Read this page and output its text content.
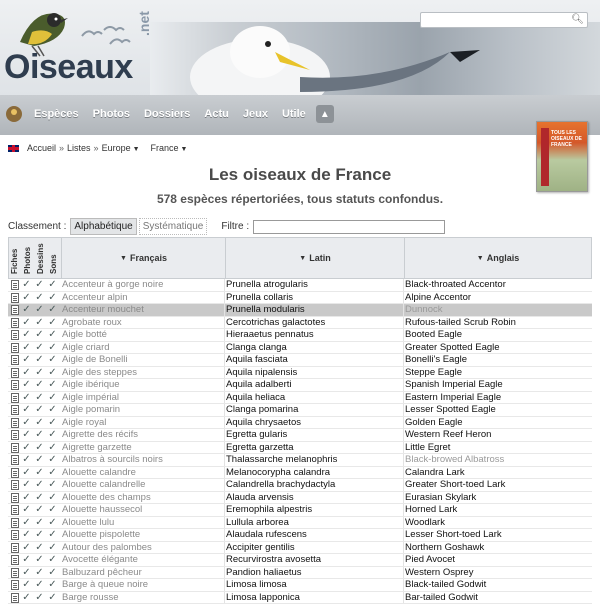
🔍︎
Oiseaux
.net
Espèces	Photos	Dossiers	Actu	Jeux	Utile	▲
Accueil » Listes » Europe ▼ France ▼
TOUS LES OISEAUX DE FRANCE
Les oiseaux de France
578 espèces répertoriées, tous statuts confondus.
Classement : Alphabétique	Systématique	Filtre :
Fiches Photos Dessins Sons	▼ Français	▼ Latin	▼ Anglais
✓ ✓ ✓ Accenteur à gorge noire	Prunella atrogularis	Black-throated Accentor
✓ ✓ ✓ Accenteur alpin	Prunella collaris	Alpine Accentor
✓ ✓ ✓ Accenteur mouchet	Prunella modularis	Dunnock
✓ ✓ ✓ Agrobate roux	Cercotrichas galactotes	Rufous-tailed Scrub Robin
✓ ✓ ✓ Aigle botté	Hieraaetus pennatus	Booted Eagle
✓ ✓ ✓ Aigle criard	Clanga clanga	Greater Spotted Eagle
✓ ✓ ✓ Aigle de Bonelli	Aquila fasciata	Bonelli's Eagle
✓ ✓ ✓ Aigle des steppes	Aquila nipalensis	Steppe Eagle
✓ ✓ ✓ Aigle ibérique	Aquila adalberti	Spanish Imperial Eagle
✓ ✓ ✓ Aigle impérial	Aquila heliaca	Eastern Imperial Eagle
✓ ✓ ✓ Aigle pomarin	Clanga pomarina	Lesser Spotted Eagle
✓ ✓ ✓ Aigle royal	Aquila chrysaetos	Golden Eagle
✓ ✓ ✓ Aigrette des récifs	Egretta gularis	Western Reef Heron
✓ ✓ ✓ Aigrette garzette	Egretta garzetta	Little Egret
✓ ✓ ✓ Albatros à sourcils noirs	Thalassarche melanophris	Black-browed Albatross
✓ ✓ ✓ Alouette calandre	Melanocorypha calandra	Calandra Lark
✓ ✓ ✓ Alouette calandrelle	Calandrella brachydactyla	Greater Short-toed Lark
✓ ✓ ✓ Alouette des champs	Alauda arvensis	Eurasian Skylark
✓ ✓ ✓ Alouette haussecol	Eremophila alpestris	Horned Lark
✓ ✓ ✓ Alouette lulu	Lullula arborea	Woodlark
✓ ✓ ✓ Alouette pispolette	Alaudala rufescens	Lesser Short-toed Lark
✓ ✓ ✓ Autour des palombes	Accipiter gentilis	Northern Goshawk
✓ ✓ ✓ Avocette élégante	Recurvirostra avosetta	Pied Avocet
✓ ✓ ✓ Balbuzard pêcheur	Pandion haliaetus	Western Osprey
✓ ✓ ✓ Barge à queue noire	Limosa limosa	Black-tailed Godwit
✓ ✓ ✓ Barge rousse	Limosa lapponica	Bar-tailed Godwit
